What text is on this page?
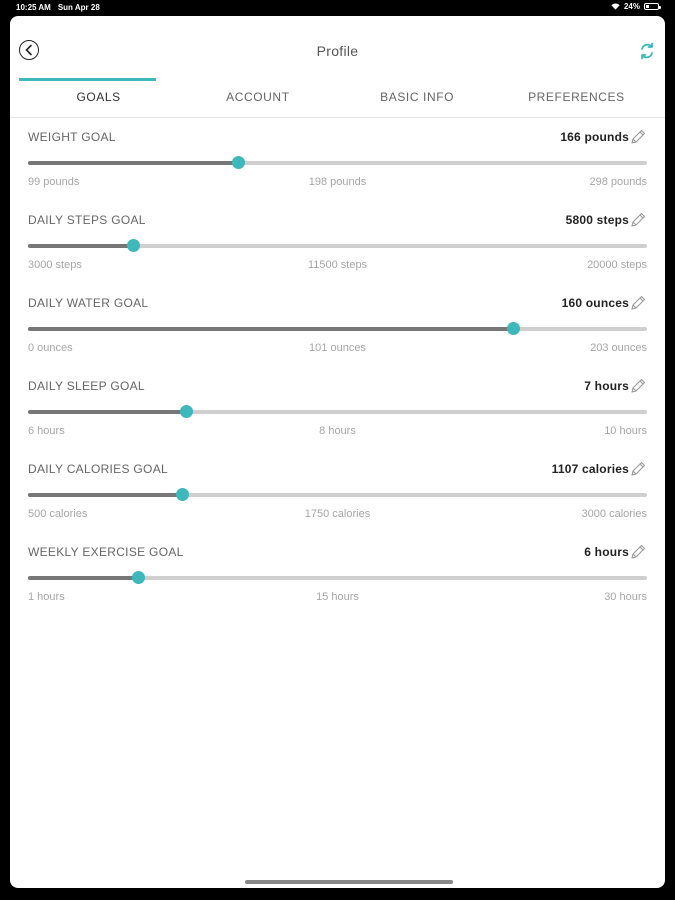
10:25 AM Sun Apr 28	24%
Profile
GOALS	ACCOUNT	BASIC INFO	PREFERENCES
WEIGHT GOAL	166 pounds
99 pounds	198 pounds	298 pounds
DAILY STEPS GOAL	5800 steps
3000 steps	11500 steps	20000 steps
DAILY WATER GOAL	160 ounces
0 ounces	101 ounces	203 ounces
DAILY SLEEP GOAL	7 hours
6 hours	8 hours	10 hours
DAILY CALORIES GOAL	1107 calories
500 calories	1750 calories	3000 calories
WEEKLY EXERCISE GOAL	6 hours
1 hours	15 hours	30 hours
